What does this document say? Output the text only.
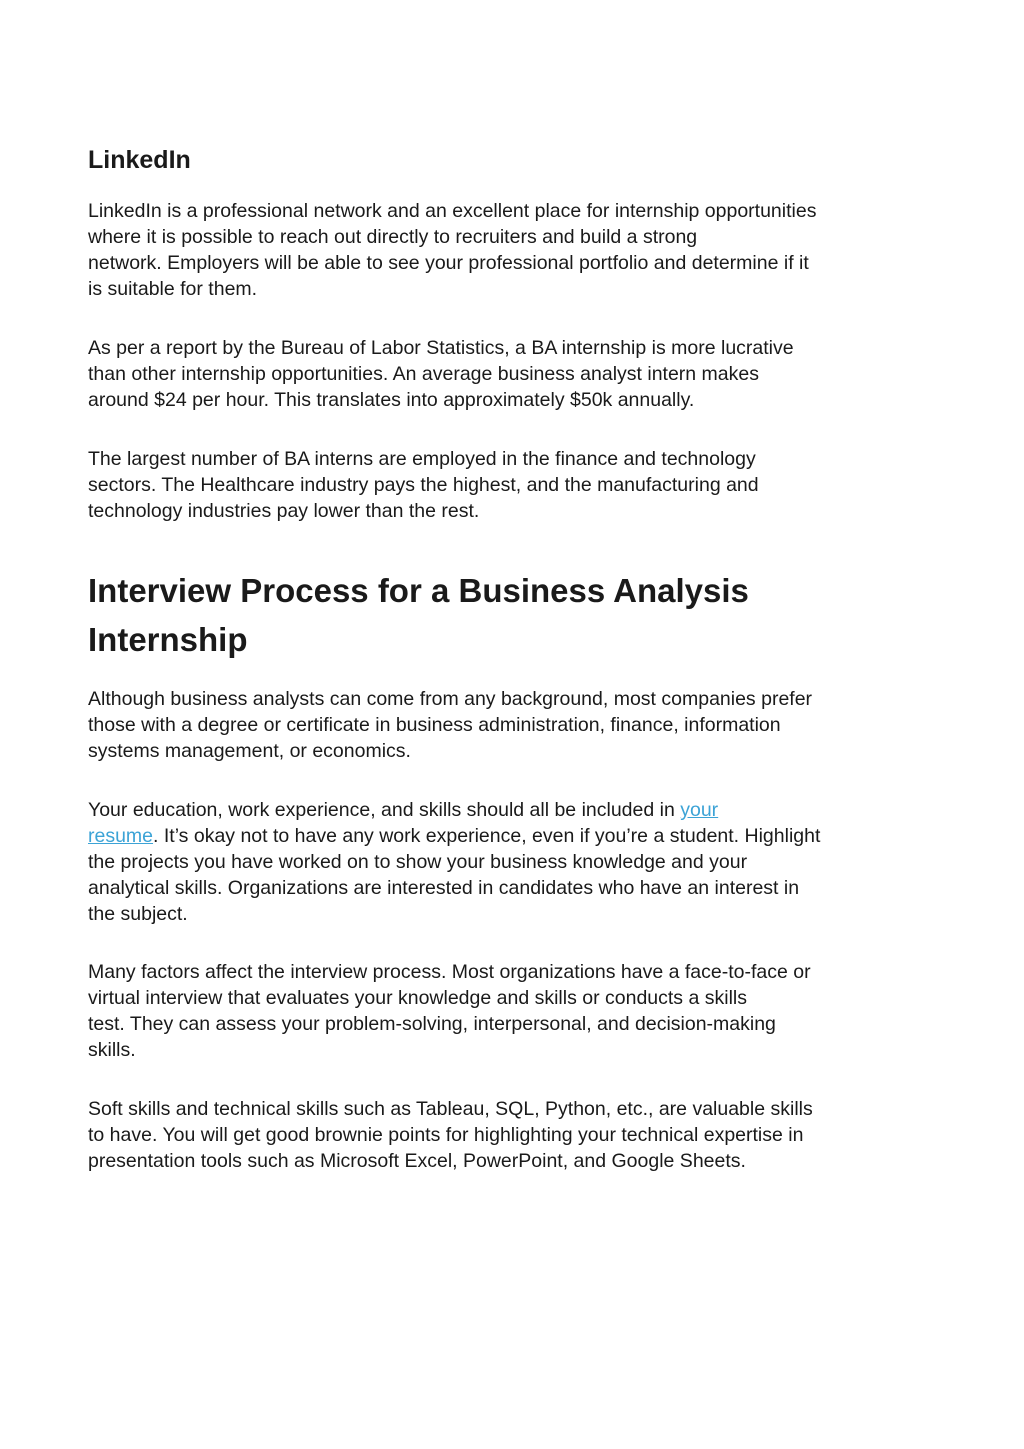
LinkedIn

LinkedIn is a professional network and an excellent place for internship opportunities

where it is possible to reach out directly to recruiters and build a strong

network. Employers will be able to see your professional portfolio and determine if it

is suitable for them.

As per a report by the Bureau of Labor Statistics, a BA internship is more lucrative

than other internship opportunities. An average business analyst intern makes

around $24 per hour. This translates into approximately $50k annually.

The largest number of BA interns are employed in the finance and technology

sectors. The Healthcare industry pays the highest, and the manufacturing and

technology industries pay lower than the rest.

Interview Process for a Business Analysis
Internship

Although business analysts can come from any background, most companies prefer

those with a degree or certificate in business administration, finance, information

systems management, or economics.

Your education, work experience, and skills should all be included in your

resume. It’s okay not to have any work experience, even if you’re a student. Highlight

the projects you have worked on to show your business knowledge and your

analytical skills. Organizations are interested in candidates who have an interest in

the subject.

Many factors affect the interview process. Most organizations have a face-to-face or

virtual interview that evaluates your knowledge and skills or conducts a skills

test. They can assess your problem-solving, interpersonal, and decision-making

skills.

Soft skills and technical skills such as Tableau, SQL, Python, etc., are valuable skills

to have. You will get good brownie points for highlighting your technical expertise in

presentation tools such as Microsoft Excel, PowerPoint, and Google Sheets.
